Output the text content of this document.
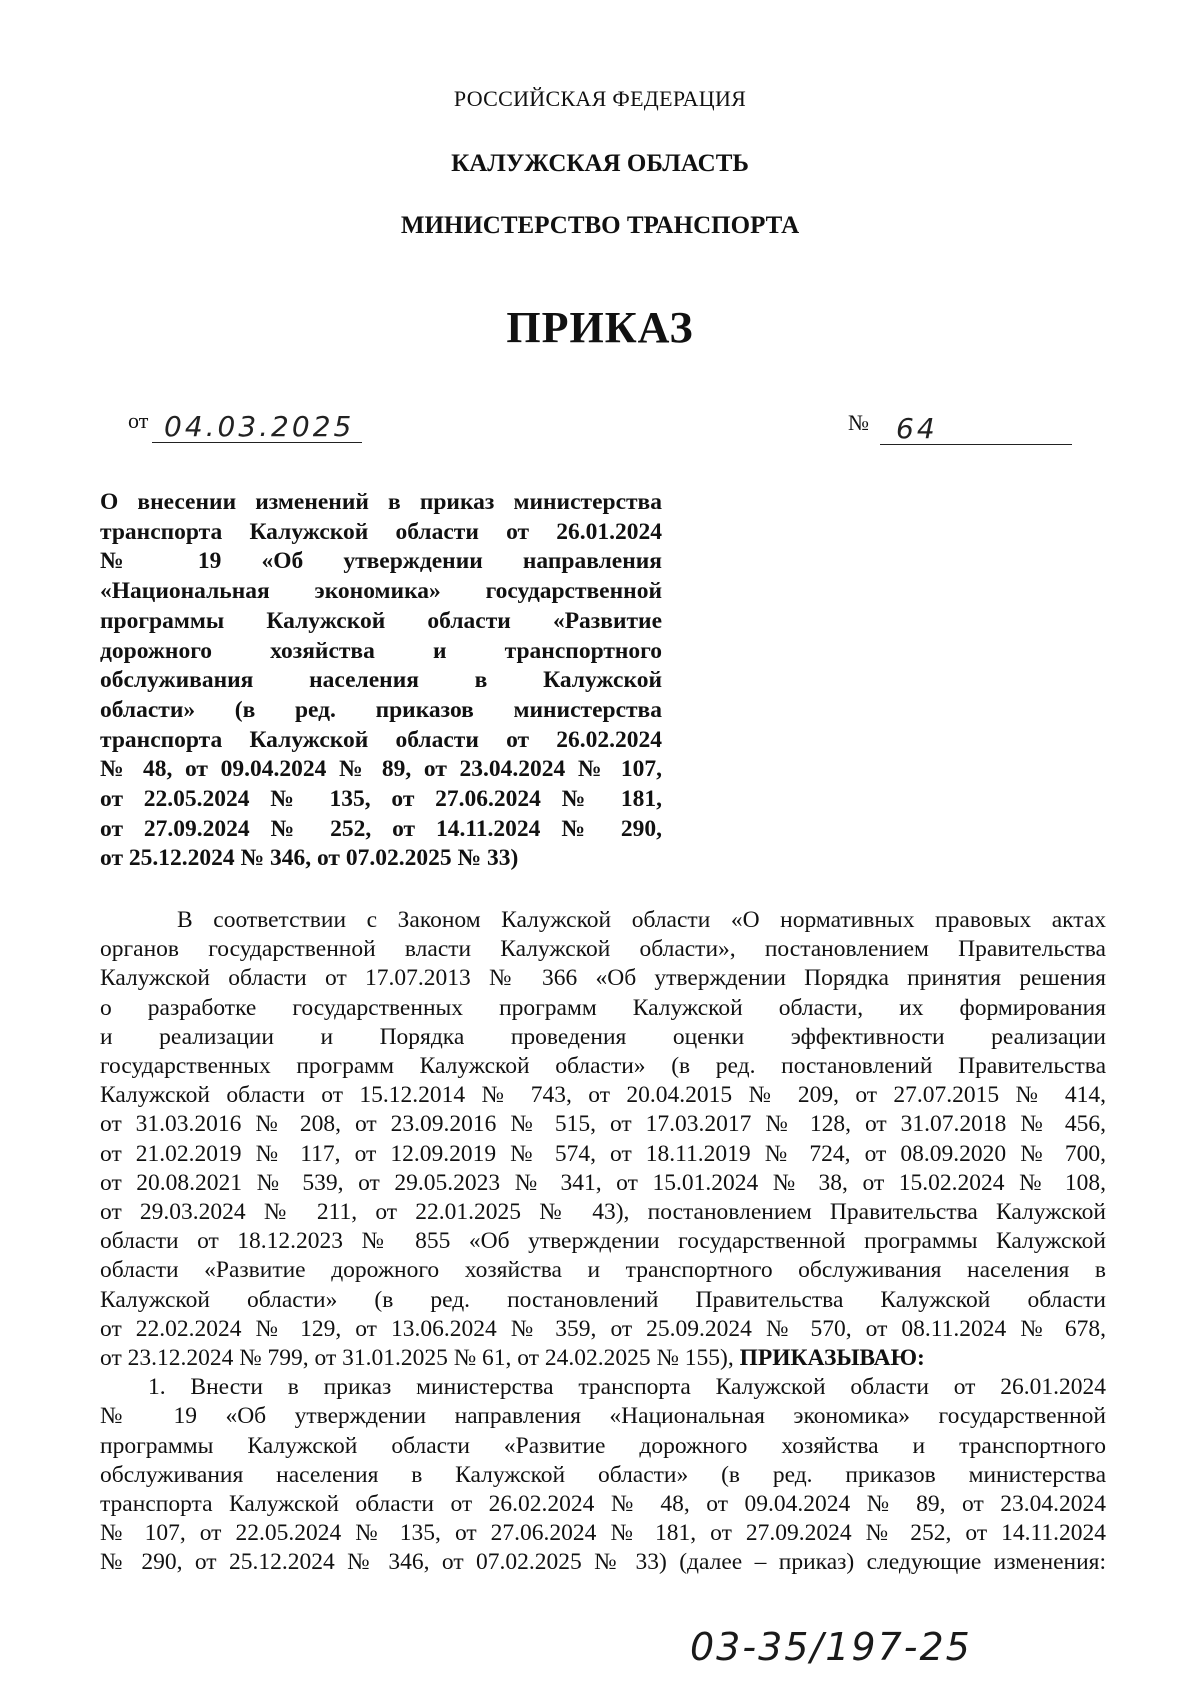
РОССИЙСКАЯ ФЕДЕРАЦИЯ
КАЛУЖСКАЯ ОБЛАСТЬ
МИНИСТЕРСТВО ТРАНСПОРТА
ПРИКАЗ
от 04.03.2025	№ 64
О внесении изменений в приказ министерства
транспорта Калужской области от 26.01.2024
№ 19 «Об утверждении направления
«Национальная экономика» государственной
программы Калужской области «Развитие
дорожного хозяйства и транспортного
обслуживания населения в Калужской
области» (в ред. приказов министерства
транспорта Калужской области от 26.02.2024
№ 48, от 09.04.2024 № 89, от 23.04.2024 № 107,
от 22.05.2024 № 135, от 27.06.2024 № 181,
от 27.09.2024 № 252, от 14.11.2024 № 290,
от 25.12.2024 № 346, от 07.02.2025 № 33)
В соответствии с Законом Калужской области «О нормативных правовых актах
органов государственной власти Калужской области», постановлением Правительства
Калужской области от 17.07.2013 № 366 «Об утверждении Порядка принятия решения
о разработке государственных программ Калужской области, их формирования
и реализации и Порядка проведения оценки эффективности реализации
государственных программ Калужской области» (в ред. постановлений Правительства
Калужской области от 15.12.2014 № 743, от 20.04.2015 № 209, от 27.07.2015 № 414,
от 31.03.2016 № 208, от 23.09.2016 № 515, от 17.03.2017 № 128, от 31.07.2018 № 456,
от 21.02.2019 № 117, от 12.09.2019 № 574, от 18.11.2019 № 724, от 08.09.2020 № 700,
от 20.08.2021 № 539, от 29.05.2023 № 341, от 15.01.2024 № 38, от 15.02.2024 № 108,
от 29.03.2024 № 211, от 22.01.2025 № 43), постановлением Правительства Калужской
области от 18.12.2023 № 855 «Об утверждении государственной программы Калужской
области «Развитие дорожного хозяйства и транспортного обслуживания населения в
Калужской области» (в ред. постановлений Правительства Калужской области
от 22.02.2024 № 129, от 13.06.2024 № 359, от 25.09.2024 № 570, от 08.11.2024 № 678,
от 23.12.2024 № 799, от 31.01.2025 № 61, от 24.02.2025 № 155), ПРИКАЗЫВАЮ:
1. Внести в приказ министерства транспорта Калужской области от 26.01.2024
№ 19 «Об утверждении направления «Национальная экономика» государственной
программы Калужской области «Развитие дорожного хозяйства и транспортного
обслуживания населения в Калужской области» (в ред. приказов министерства
транспорта Калужской области от 26.02.2024 № 48, от 09.04.2024 № 89, от 23.04.2024
№ 107, от 22.05.2024 № 135, от 27.06.2024 № 181, от 27.09.2024 № 252, от 14.11.2024
№ 290, от 25.12.2024 № 346, от 07.02.2025 № 33) (далее – приказ) следующие изменения:
03-35/197-25
